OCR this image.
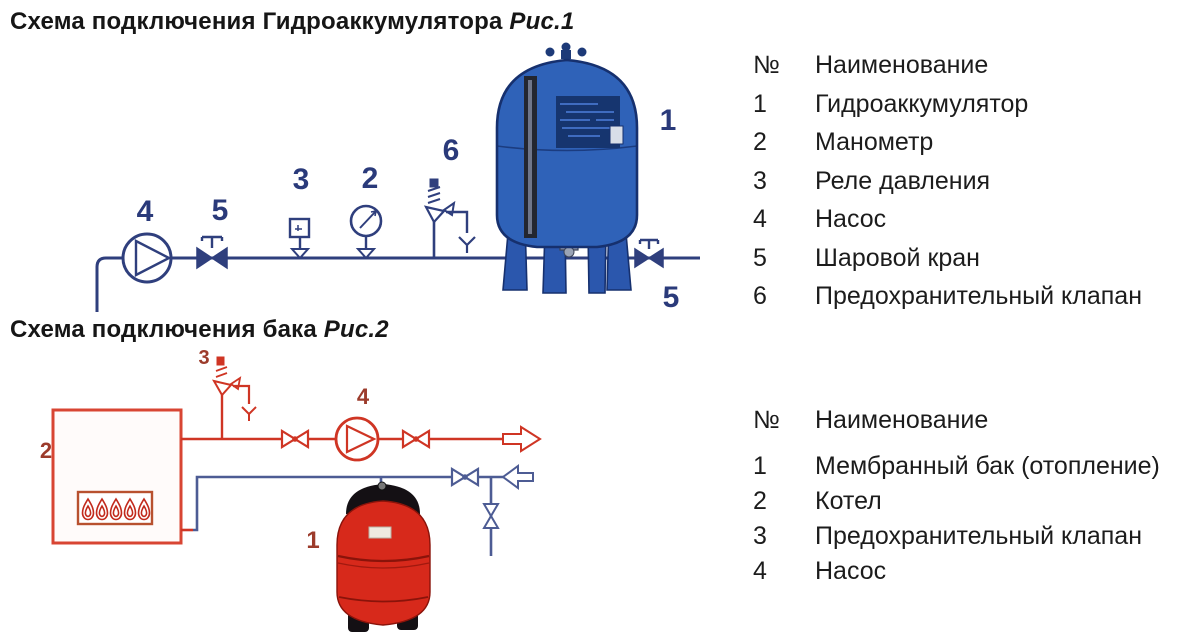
Схема подключения Гидроаккумулятора Рис.1
4 5
3 2
6
1
5
№	Наименование
1	Гидроаккумулятор
2	Манометр
3	Реле давления
4	Насос
5	Шаровой кран
6	Предохранительный клапан
Схема подключения бака Рис.2
3
2
4
1
№	Наименование
1	Мембранный бак (отопление)
2	Котел
3	Предохранительный клапан
4	Насос
